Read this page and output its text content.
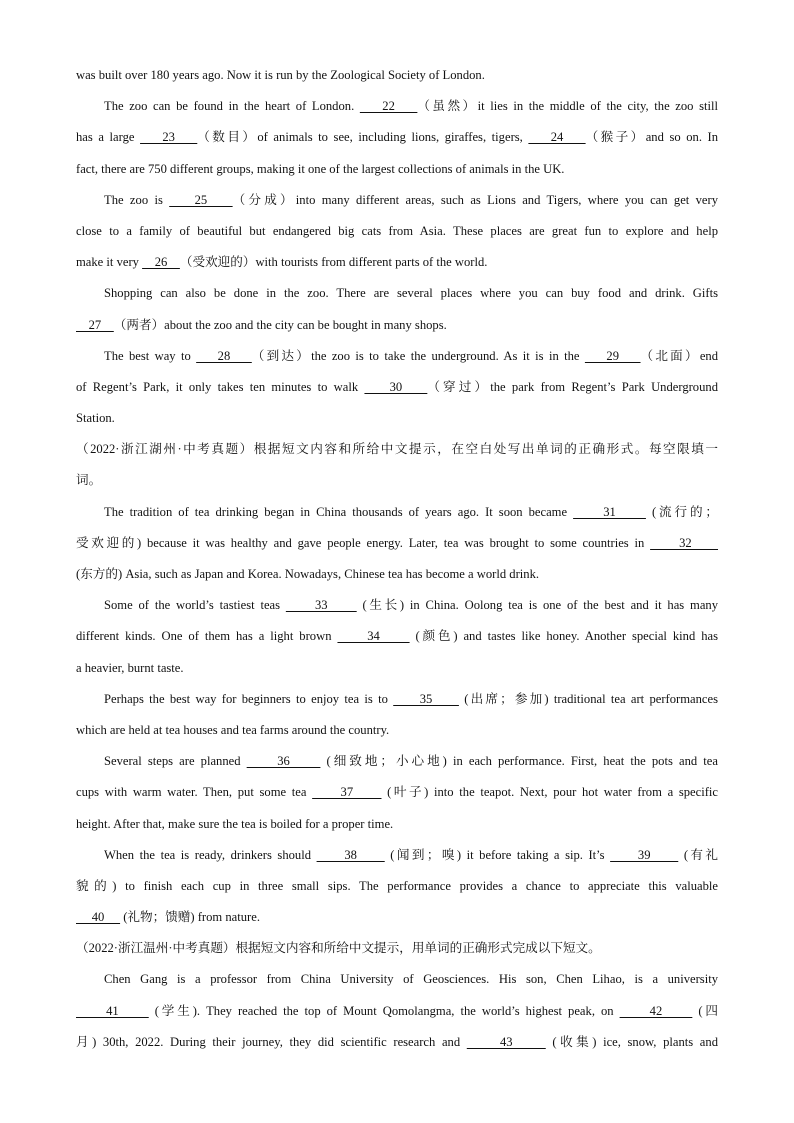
was built over 180 years ago. Now it is run by the Zoological Society of London.
The zoo can be found in the heart of London.     22    （虽然）it lies in the middle of the city, the zoo still
has a large     23    （数目）of animals to see, including lions, giraffes, tigers,     24    （猴子）and so on. In
fact, there are 750 different groups, making it one of the largest collections of animals in the UK.
The zoo is     25    （分成）into many different areas, such as Lions and Tigers, where you can get very
close to a family of beautiful but endangered big cats from Asia. These places are great fun to explore and help
make it very     26    （受欢迎的）with tourists from different parts of the world.
Shopping can also be done in the zoo. There are several places where you can buy food and drink. Gifts
27    （两者）about the zoo and the city can be bought in many shops.
The best way to     28    （到达）the zoo is to take the underground. As it is in the     29    （北面）end
of Regent’s Park, it only takes ten minutes to walk     30    （穿过）the park from Regent’s Park Underground
Station.
（2022·浙江湖州·中考真题）根据短文内容和所给中文提示，在空白处写出单词的正确形式。每空限填一
词。
The tradition of tea drinking began in China thousands of years ago. It soon became      31      (流行的；
受欢迎的) because it was healthy and gave people energy. Later, tea was brought to some countries in      32
(东方的) Asia, such as Japan and Korea. Nowadays, Chinese tea has become a world drink.
Some of the world’s tastiest teas      33      (生长) in China. Oolong tea is one of the best and it has many
different kinds. One of them has a light brown      34      (颜色) and tastes like honey. Another special kind has
a heavier, burnt taste.
Perhaps the best way for beginners to enjoy tea is to      35      (出席；参加) traditional tea art performances
which are held at tea houses and tea farms around the country.
Several steps are planned      36      (细致地；小心地) in each performance. First, heat the pots and tea
cups with warm water. Then, put some tea      37      (叶子) into the teapot. Next, pour hot water from a specific
height. After that, make sure the tea is boiled for a proper time.
When the tea is ready, drinkers should      38      (闻到；嗅) it before taking a sip. It’s      39      (有礼
貌的) to finish each cup in three small sips. The performance provides a chance to appreciate this valuable
40      (礼物；馈赠) from nature.
（2022·浙江温州·中考真题）根据短文内容和所给中文提示，用单词的正确形式完成以下短文。
Chen Gang is a professor from China University of Geosciences. His son, Chen Lihao, is a university
41      (学生). They reached the top of Mount Qomolangma, the world’s highest peak, on      42      (四
月) 30th, 2022. During their journey, they did scientific research and      43      (收集) ice, snow, plants and
